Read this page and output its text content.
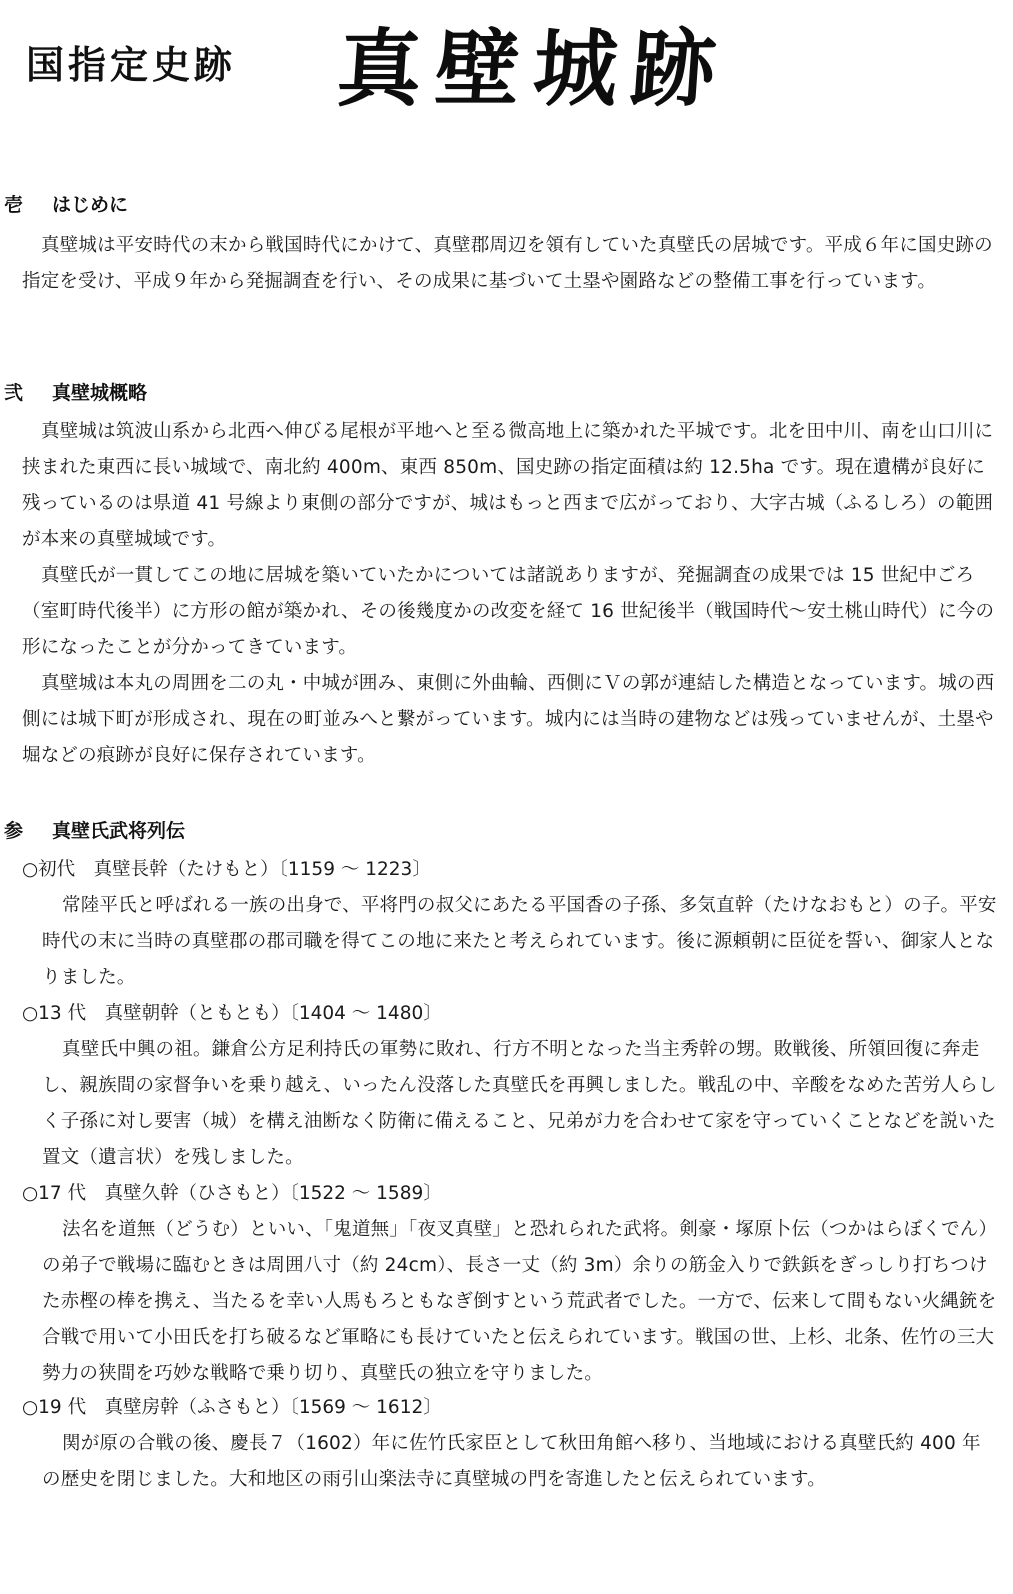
国指定史跡 真壁城跡
壱 はじめに
真壁城は平安時代の末から戦国時代にかけて、真壁郡周辺を領有していた真壁氏の居城です。平成６年に国史跡の指定を受け、平成９年から発掘調査を行い、その成果に基づいて土塁や園路などの整備工事を行っています。
弐 真壁城概略
真壁城は筑波山系から北西へ伸びる尾根が平地へと至る微高地上に築かれた平城です。北を田中川、南を山口川に挟まれた東西に長い城域で、南北約 400m、東西 850m、国史跡の指定面積は約 12.5ha です。現在遺構が良好に残っているのは県道 41 号線より東側の部分ですが、城はもっと西まで広がっており、大字古城（ふるしろ）の範囲が本来の真壁城域です。
真壁氏が一貫してこの地に居城を築いていたかについては諸説ありますが、発掘調査の成果では 15 世紀中ごろ（室町時代後半）に方形の館が築かれ、その後幾度かの改変を経て 16 世紀後半（戦国時代～安土桃山時代）に今の形になったことが分かってきています。
真壁城は本丸の周囲を二の丸・中城が囲み、東側に外曲輪、西側にＶの郭が連結した構造となっています。城の西側には城下町が形成され、現在の町並みへと繋がっています。城内には当時の建物などは残っていませんが、土塁や堀などの痕跡が良好に保存されています。
参 真壁氏武将列伝
○初代　真壁長幹（たけもと）〔1159 ～ 1223〕
常陸平氏と呼ばれる一族の出身で、平将門の叔父にあたる平国香の子孫、多気直幹（たけなおもと）の子。平安時代の末に当時の真壁郡の郡司職を得てこの地に来たと考えられています。後に源頼朝に臣従を誓い、御家人となりました。
○13 代　真壁朝幹（ともとも）〔1404 ～ 1480〕
真壁氏中興の祖。鎌倉公方足利持氏の軍勢に敗れ、行方不明となった当主秀幹の甥。敗戦後、所領回復に奔走し、親族間の家督争いを乗り越え、いったん没落した真壁氏を再興しました。戦乱の中、辛酸をなめた苦労人らしく子孫に対し要害（城）を構え油断なく防衛に備えること、兄弟が力を合わせて家を守っていくことなどを説いた置文（遺言状）を残しました。
○17 代　真壁久幹（ひさもと）〔1522 ～ 1589〕
法名を道無（どうむ）といい、「鬼道無」「夜叉真壁」と恐れられた武将。剣豪・塚原卜伝（つかはらぼくでん）の弟子で戦場に臨むときは周囲八寸（約 24cm）、長さ一丈（約 3m）余りの筋金入りで鉄鋲をぎっしり打ちつけた赤樫の棒を携え、当たるを幸い人馬もろともなぎ倒すという荒武者でした。一方で、伝来して間もない火縄銃を合戦で用いて小田氏を打ち破るなど軍略にも長けていたと伝えられています。戦国の世、上杉、北条、佐竹の三大勢力の狭間を巧妙な戦略で乗り切り、真壁氏の独立を守りました。
○19 代　真壁房幹（ふさもと）〔1569 ～ 1612〕
関が原の合戦の後、慶長７（1602）年に佐竹氏家臣として秋田角館へ移り、当地域における真壁氏約 400 年の歴史を閉じました。大和地区の雨引山楽法寺に真壁城の門を寄進したと伝えられています。
